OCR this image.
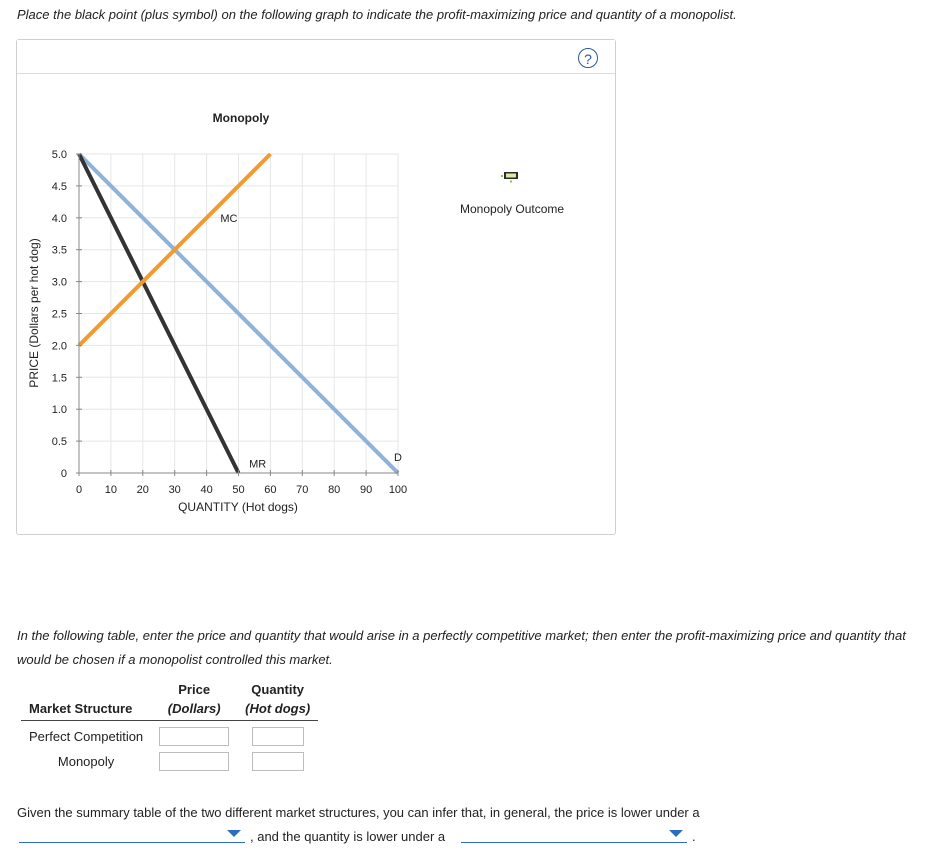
Place the black point (plus symbol) on the following graph to indicate the profit-maximizing price and quantity of a monopolist.
?
D
MR
MC
0 10 20 30 40 50 60 70 80 90 100
0
0.5
1.0
1.5
2.0
2.5
3.0
3.5
4.0
4.5
5.0
Monopoly
QUANTITY (Hot dogs)
PRICE (Dollars per hot dog)
Monopoly Outcome
In the following table, enter the price and quantity that would arise in a perfectly competitive market; then enter the profit-maximizing price and quantity that would be chosen if a monopolist controlled this market.
	Price	Quantity
Market Structure	(Dollars)	(Hot dogs)
Perfect Competition	

Monopoly	

Given the summary table of the two different market structures, you can infer that, in general, the price is lower under a
, and the quantity is lower under a	.
